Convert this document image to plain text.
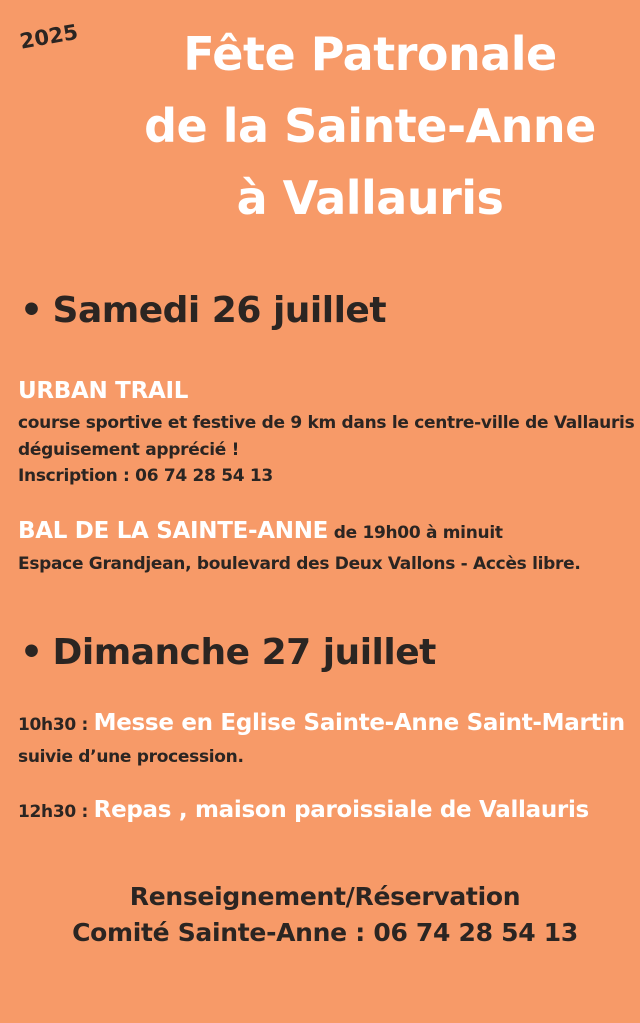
2025	Fête Patronale
de la Sainte-Anne
à Vallauris
• Samedi 26 juillet
URBAN TRAIL
course sportive et festive de 9 km dans le centre-ville de Vallauris
déguisement apprécié !
Inscription : 06 74 28 54 13
BAL DE LA SAINTE-ANNE de 19h00 à minuit
Espace Grandjean, boulevard des Deux Vallons - Accès libre.
• Dimanche 27 juillet
10h30 : Messe en Eglise Sainte-Anne Saint-Martin
suivie d’une procession.
12h30 : Repas , maison paroissiale de Vallauris
Renseignement/Réservation
Comité Sainte-Anne : 06 74 28 54 13
